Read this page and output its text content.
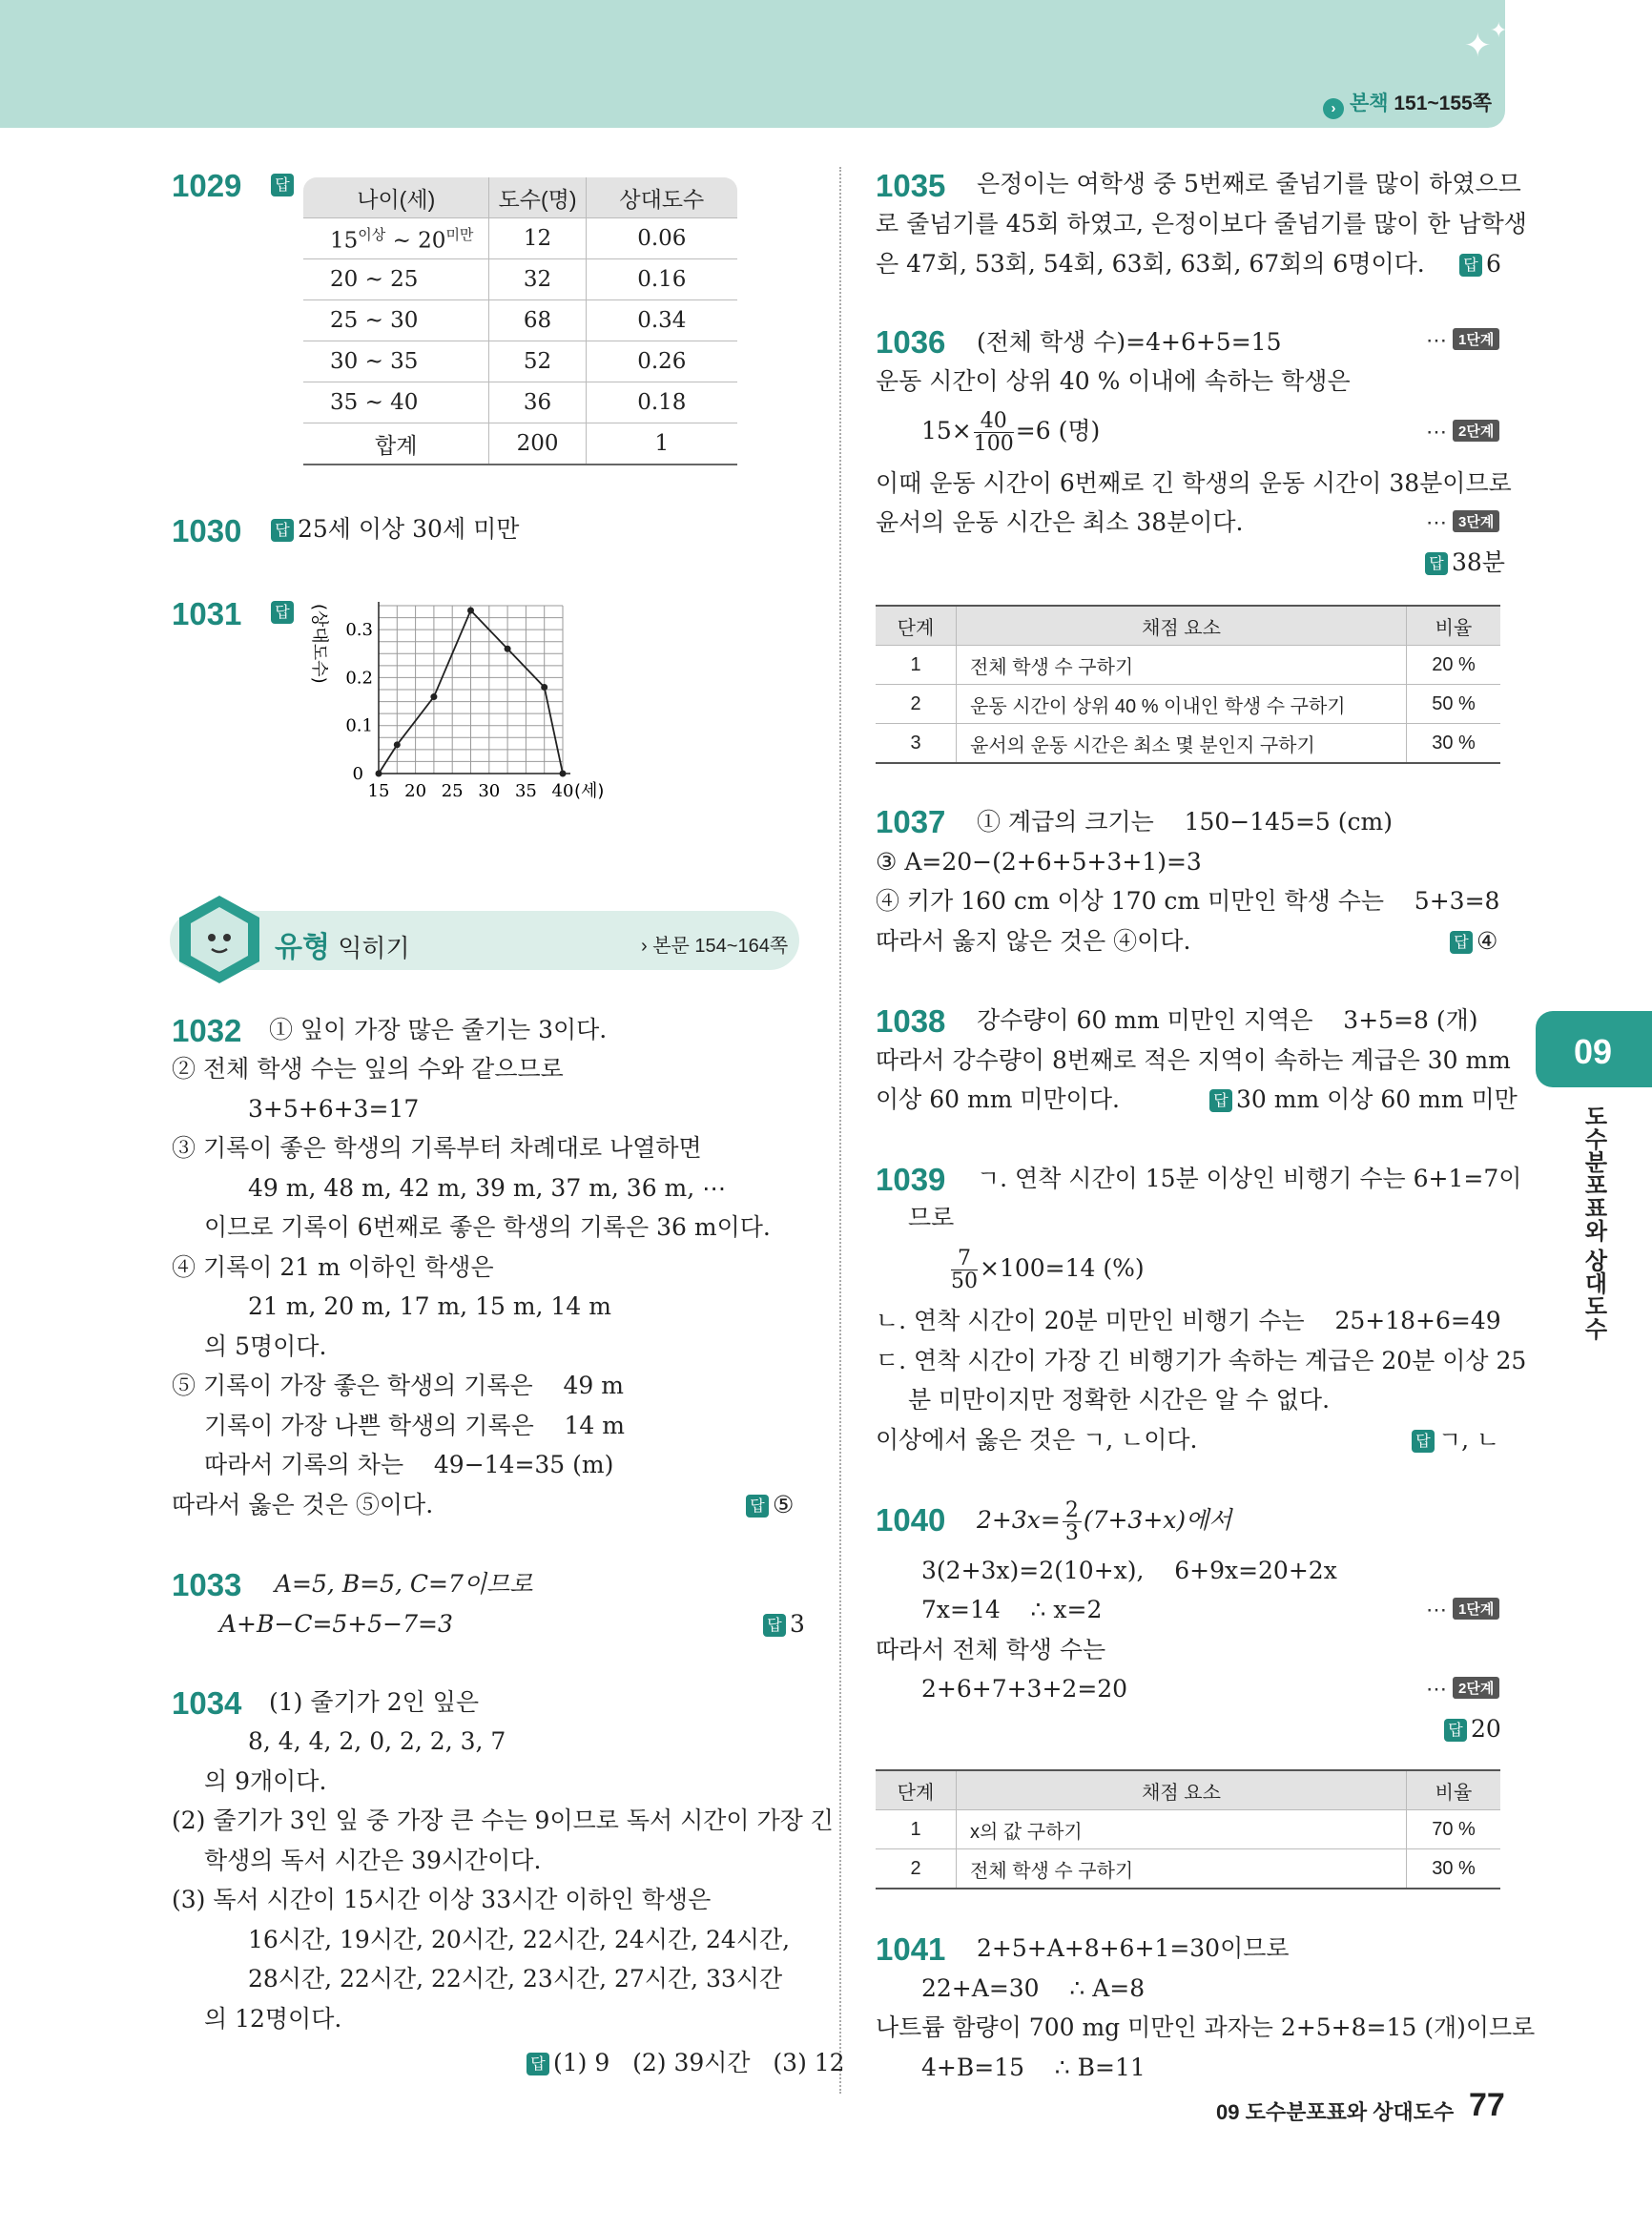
✦
✦
› 본책 151~155쪽
1029 답
나이(세)	도수(명)	상대도수
$15^{이상}$ ~ $20^{미만}$	12	0.06
20 ~ 25	32	0.16
25 ~ 30	68	0.34
30 ~ 35	52	0.26
35 ~ 40	36	0.18
합계	200	1
1030 답 25세 이상 30세 미만
1031 답
15 20 25 30 35 40
0
0.1
0.2
0.3
(세)
(상대도수)
유형 익히기	› 본문 154~164쪽
1032 ① 잎이 가장 많은 줄기는 3이다.
② 전체 학생 수는 잎의 수와 같으므로
3+5+6+3=17
③ 기록이 좋은 학생의 기록부터 차례대로 나열하면
49 m, 48 m, 42 m, 39 m, 37 m, 36 m, ⋯
이므로 기록이 6번째로 좋은 학생의 기록은 36 m이다.
④ 기록이 21 m 이하인 학생은
21 m, 20 m, 17 m, 15 m, 14 m
의 5명이다.
⑤ 기록이 가장 좋은 학생의 기록은    49 m
기록이 가장 나쁜 학생의 기록은    14 m
따라서 기록의 차는    49−14=35 (m)
따라서 옳은 것은 ⑤이다.	답 ⑤
1033 A=5, B=5, C=7이므로
A+B−C=5+5−7=3	답 3
1034 (1) 줄기가 2인 잎은
8, 4, 4, 2, 0, 2, 2, 3, 7
의 9개이다.
(2) 줄기가 3인 잎 중 가장 큰 수는 9이므로 독서 시간이 가장 긴
학생의 독서 시간은 39시간이다.
(3) 독서 시간이 15시간 이상 33시간 이하인 학생은
16시간, 19시간, 20시간, 22시간, 24시간, 24시간,
28시간, 22시간, 22시간, 23시간, 27시간, 33시간
의 12명이다.
답 (1) 9   (2) 39시간   (3) 12
1035 은정이는 여학생 중 5번째로 줄넘기를 많이 하였으므
로 줄넘기를 45회 하였고, 은정이보다 줄넘기를 많이 한 남학생
은 47회, 53회, 54회, 63회, 63회, 67회의 6명이다.	답 6
1036 (전체 학생 수)=4+6+5=15	⋯ 1단계
운동 시간이 상위 40 % 이내에 속하는 학생은
$15\times \frac{40}{100} =6$ (명)	⋯ 2단계
이때 운동 시간이 6번째로 긴 학생의 운동 시간이 38분이므로
윤서의 운동 시간은 최소 38분이다.	⋯ 3단계
답 38분
단계	채점 요소	비율
1	전체 학생 수 구하기	20 %
2	운동 시간이 상위 40 % 이내인 학생 수 구하기	50 %
3	윤서의 운동 시간은 최소 몇 분인지 구하기	30 %
1037 ① 계급의 크기는    150−145=5 (cm)
③ A=20−(2+6+5+3+1)=3
④ 키가 160 cm 이상 170 cm 미만인 학생 수는    5+3=8
따라서 옳지 않은 것은 ④이다.	답 ④
1038 강수량이 60 mm 미만인 지역은    3+5=8 (개)
따라서 강수량이 8번째로 적은 지역이 속하는 계급은 30 mm
이상 60 mm 미만이다.	답 30 mm 이상 60 mm 미만
1039 ㄱ. 연착 시간이 15분 이상인 비행기 수는 6+1=7이
므로
$\frac{7}{50} \times 100=14$ (%)
ㄴ. 연착 시간이 20분 미만인 비행기 수는    25+18+6=49
ㄷ. 연착 시간이 가장 긴 비행기가 속하는 계급은 20분 이상 25
분 미만이지만 정확한 시간은 알 수 없다.
이상에서 옳은 것은 ㄱ, ㄴ이다.	답 ㄱ, ㄴ
1040 $2+3x= \frac{2}{3} (7+3+x)$에서
3(2+3x)=2(10+x),    6+9x=20+2x
7x=14    ∴ x=2	⋯ 1단계
따라서 전체 학생 수는
2+6+7+3+2=20	⋯ 2단계
답 20
단계	채점 요소	비율
1	x의 값 구하기	70 %
2	전체 학생 수 구하기	30 %
1041 2+5+A+8+6+1=30이므로
22+A=30    ∴ A=8
나트륨 함량이 700 mg 미만인 과자는 2+5+8=15 (개)이므로
4+B=15    ∴ B=11
09
도수분포표와 상대도수
09 도수분포표와 상대도수 77
